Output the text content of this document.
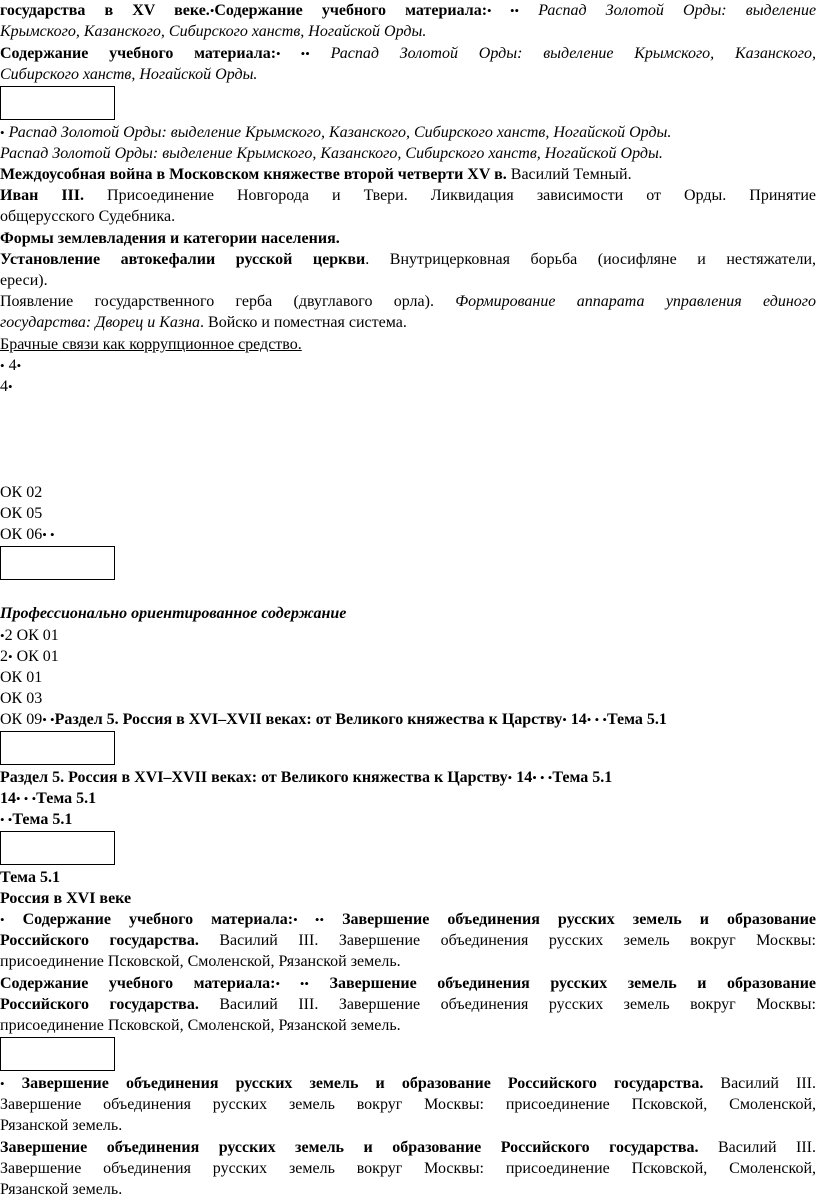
государства в XV веке.•Содержание учебного материала:• •• Распад Золотой Орды: выделение
Крымского, Казанского, Сибирского ханств, Ногайской Орды.
Содержание учебного материала:• •• Распад Золотой Орды: выделение Крымского, Казанского,
Сибирского ханств, Ногайской Орды.
• Распад Золотой Орды: выделение Крымского, Казанского, Сибирского ханств, Ногайской Орды.
Распад Золотой Орды: выделение Крымского, Казанского, Сибирского ханств, Ногайской Орды.
Междоусобная война в Московском княжестве второй четверти XV в. Василий Темный.
Иван III. Присоединение Новгорода и Твери. Ликвидация зависимости от Орды. Принятие
общерусского Судебника.
Формы землевладения и категории населения.
Установление автокефалии русской церкви. Внутрицерковная борьба (иосифляне и нестяжатели,
ереси).
Появление государственного герба (двуглавого орла). Формирование аппарата управления единого
государства: Дворец и Казна. Войско и поместная система.
Брачные связи как коррупционное средство.
• 4•
4•
ОК 02
ОК 05
ОК 06• •
Профессионально ориентированное содержание
•2 ОК 01
2• ОК 01
ОК 01
ОК 03
ОК 09• •Раздел 5. Россия в XVI–XVII веках: от Великого княжества к Царству• 14• • •Тема 5.1
Раздел 5. Россия в XVI–XVII веках: от Великого княжества к Царству• 14• • •Тема 5.1
14• • •Тема 5.1
• •Тема 5.1
Тема 5.1
Россия в XVI веке
• Содержание учебного материала:• •• Завершение объединения русских земель и образование
Российского государства. Василий III. Завершение объединения русских земель вокруг Москвы:
присоединение Псковской, Смоленской, Рязанской земель.
Содержание учебного материала:• •• Завершение объединения русских земель и образование
Российского государства. Василий III. Завершение объединения русских земель вокруг Москвы:
присоединение Псковской, Смоленской, Рязанской земель.
• Завершение объединения русских земель и образование Российского государства. Василий III.
Завершение объединения русских земель вокруг Москвы: присоединение Псковской, Смоленской,
Рязанской земель.
Завершение объединения русских земель и образование Российского государства. Василий III.
Завершение объединения русских земель вокруг Москвы: присоединение Псковской, Смоленской,
Рязанской земель.
